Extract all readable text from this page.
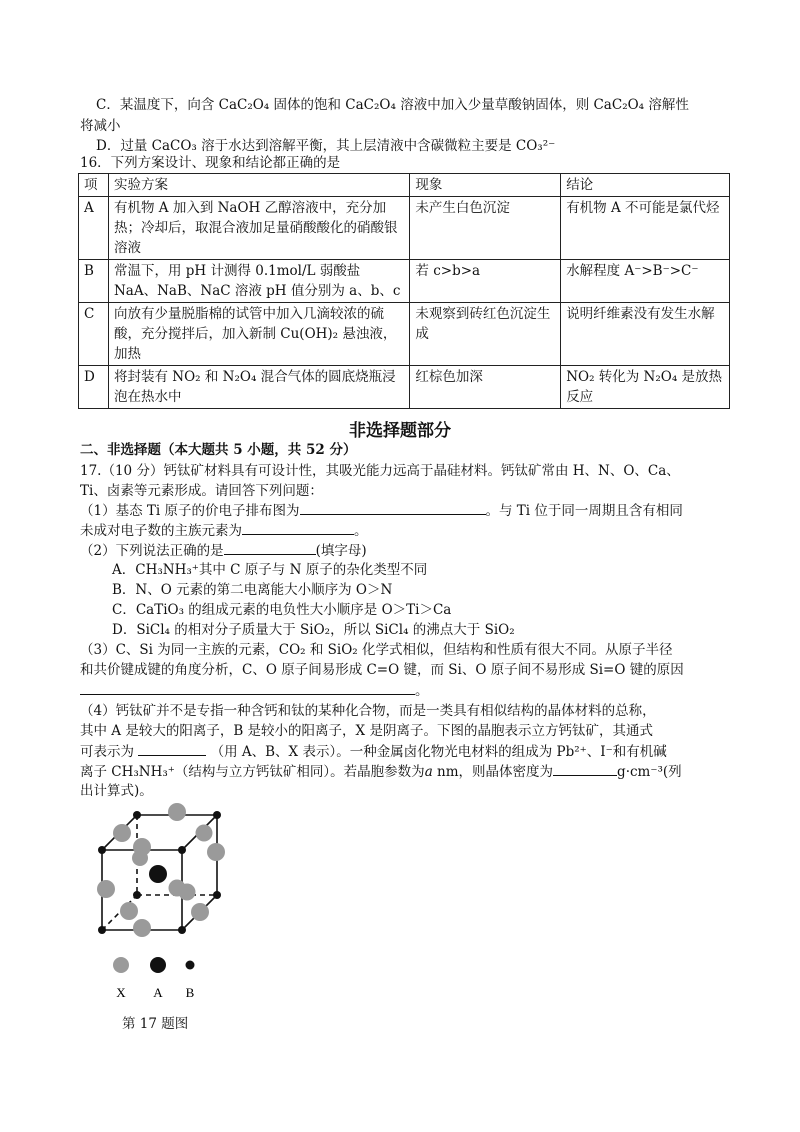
C．某温度下，向含 CaC₂O₄ 固体的饱和 CaC₂O₄ 溶液中加入少量草酸钠固体，则 CaC₂O₄ 溶解性
将减小
D．过量 CaCO₃ 溶于水达到溶解平衡，其上层清液中含碳微粒主要是 CO₃²⁻
16．下列方案设计、现象和结论都正确的是
项	实验方案	现象	结论
A	有机物 A 加入到 NaOH 乙醇溶液中，充分加热；冷却后，取混合液加足量硝酸酸化的硝酸银溶液	未产生白色沉淀	有机物 A 不可能是氯代烃
B	常温下，用 pH 计测得 0.1mol/L 弱酸盐 NaA、NaB、NaC 溶液 pH 值分别为 a、b、c	若 c>b>a	水解程度 A⁻>B⁻>C⁻
C	向放有少量脱脂棉的试管中加入几滴较浓的硫酸，充分搅拌后，加入新制 Cu(OH)₂ 悬浊液，加热	未观察到砖红色沉淀生成	说明纤维素没有发生水解
D	将封装有 NO₂ 和 N₂O₄ 混合气体的圆底烧瓶浸泡在热水中	红棕色加深	NO₂ 转化为 N₂O₄ 是放热反应
非选择题部分
二、非选择题（本大题共 5 小题，共 52 分）
17.（10 分）钙钛矿材料具有可设计性，其吸光能力远高于晶硅材料。钙钛矿常由 H、N、O、Ca、
Ti、卤素等元素形成。请回答下列问题：
（1）基态 Ti 原子的价电子排布图为	。与 Ti 位于同一周期且含有相同
未成对电子数的主族元素为	。
（2）下列说法正确的是	(填字母)
A．CH₃NH₃⁺其中 C 原子与 N 原子的杂化类型不同
B．N、O 元素的第二电离能大小顺序为 O＞N
C．CaTiO₃ 的组成元素的电负性大小顺序是 O＞Ti＞Ca
D．SiCl₄ 的相对分子质量大于 SiO₂，所以 SiCl₄ 的沸点大于 SiO₂
（3）C、Si 为同一主族的元素，CO₂ 和 SiO₂ 化学式相似，但结构和性质有很大不同。从原子半径
和共价键成键的角度分析，C、O 原子间易形成 C=O 键，而 Si、O 原子间不易形成 Si=O 键的原因
。
（4）钙钛矿并不是专指一种含钙和钛的某种化合物，而是一类具有相似结构的晶体材料的总称，
其中 A 是较大的阳离子，B 是较小的阳离子，X 是阴离子。下图的晶胞表示立方钙钛矿，其通式
可表示为	（用 A、B、X 表示）。一种金属卤化物光电材料的组成为 Pb²⁺、I⁻和有机碱
离子 CH₃NH₃⁺（结构与立方钙钛矿相同）。若晶胞参数为a nm，则晶体密度为	g·cm⁻³(列
出计算式)。
X A B
第 17 题图
